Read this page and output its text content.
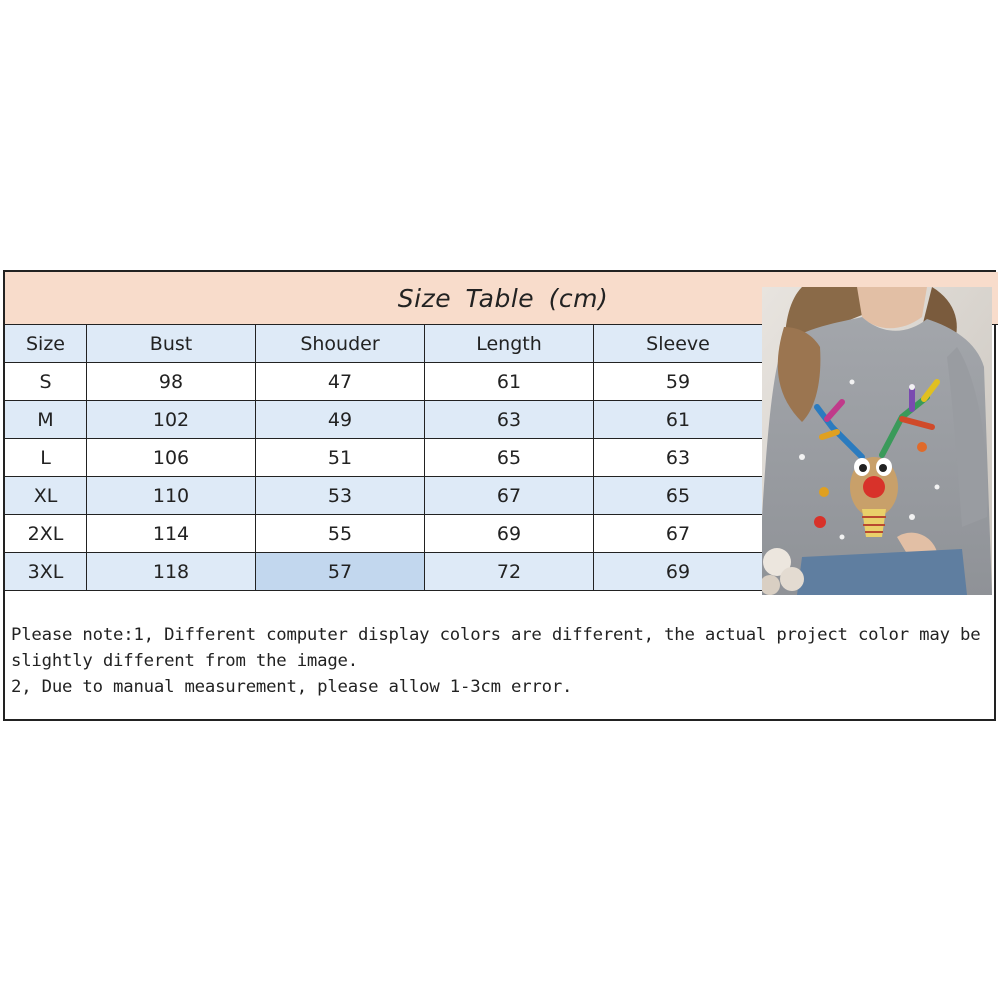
Size Table (cm)
Size	Bust	Shouder	Length	Sleeve
S	98	47	61	59
M	102	49	63	61
L	106	51	65	63
XL	110	53	67	65
2XL	114	55	69	67
3XL	118	57	72	69

Please note:1, Different computer display colors are different, the actual project color may be slightly different from the image.

2, Due to manual measurement, please allow 1-3cm error.
